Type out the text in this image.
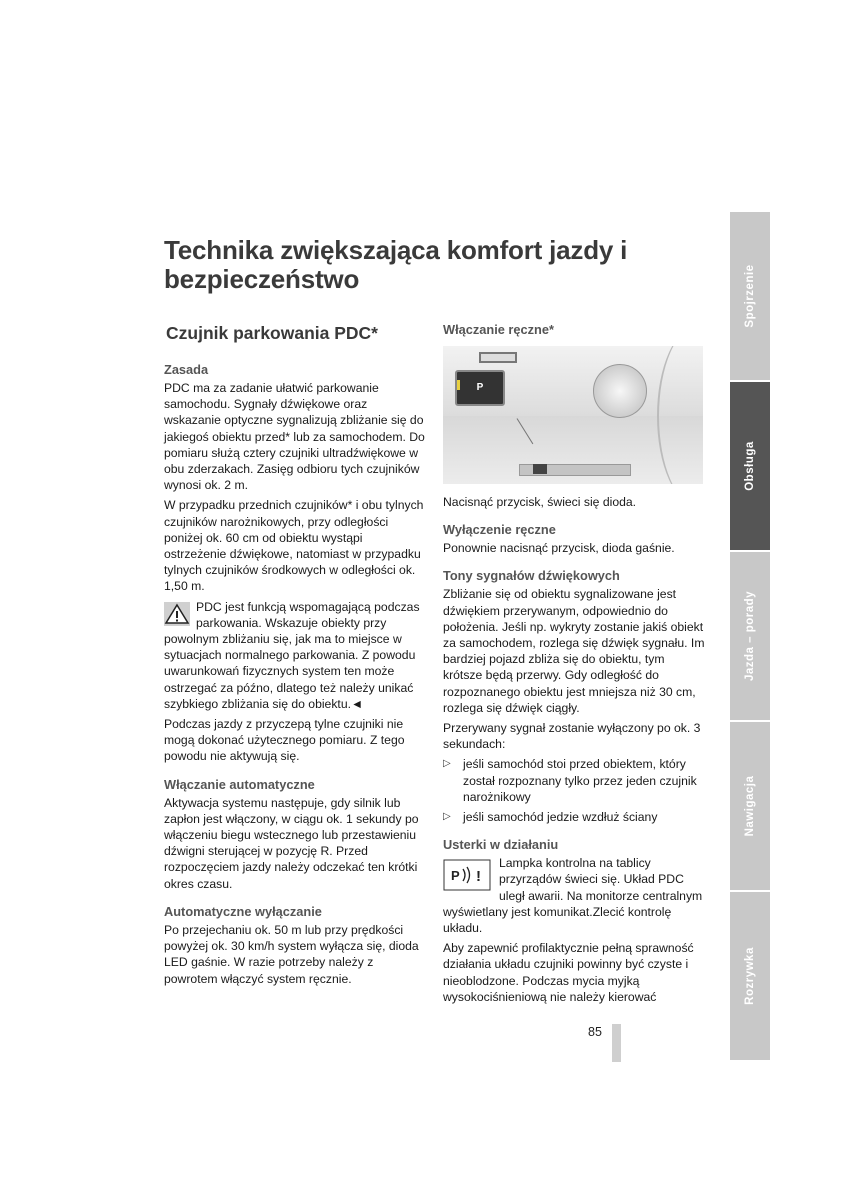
Technika zwiększająca komfort jazdy i bezpieczeństwo
Czujnik parkowania PDC*
Zasada

PDC ma za zadanie ułatwić parkowanie samochodu. Sygnały dźwiękowe oraz wskazanie optyczne sygnalizują zbliżanie się do jakiegoś obiektu przed* lub za samochodem. Do pomiaru służą cztery czujniki ultradźwiękowe w obu zderzakach. Zasięg odbioru tych czujników wynosi ok. 2 m.

W przypadku przednich czujników* i obu tylnych czujników narożnikowych, przy odległości poniżej ok. 60 cm od obiektu wystąpi ostrzeżenie dźwiękowe, natomiast w przypadku tylnych czujników środkowych w odległości ok. 1,50 m.

PDC jest funkcją wspomagającą podczas parkowania. Wskazuje obiekty przy powolnym zbliżaniu się, jak ma to miejsce w sytuacjach normalnego parkowania. Z powodu uwarunkowań fizycznych system ten może ostrzegać za późno, dlatego też należy unikać szybkiego zbliżania się do obiektu.◄

Podczas jazdy z przyczepą tylne czujniki nie mogą dokonać użytecznego pomiaru. Z tego powodu nie aktywują się.

Włączanie automatyczne

Aktywacja systemu następuje, gdy silnik lub zapłon jest włączony, w ciągu ok. 1 sekundy po włączeniu biegu wstecznego lub przestawieniu dźwigni sterującej w pozycję R. Przed rozpoczęciem jazdy należy odczekać ten krótki okres czasu.

Automatyczne wyłączanie

Po przejechaniu ok. 50 m lub przy prędkości powyżej ok. 30 km/h system wyłącza się, dioda LED gaśnie. W razie potrzeby należy z powrotem włączyć system ręcznie.

Włączanie ręczne*
P

Nacisnąć przycisk, świeci się dioda.

Wyłączenie ręczne

Ponownie nacisnąć przycisk, dioda gaśnie.

Tony sygnałów dźwiękowych

Zbliżanie się od obiektu sygnalizowane jest dźwiękiem przerywanym, odpowiednio do położenia. Jeśli np. wykryty zostanie jakiś obiekt za samochodem, rozlega się dźwięk sygnału. Im bardziej pojazd zbliża się do obiektu, tym krótsze będą przerwy. Gdy odległość do rozpoznanego obiektu jest mniejsza niż 30 cm, rozlega się dźwięk ciągły.

Przerywany sygnał zostanie wyłączony po ok. 3 sekundach:

▷ jeśli samochód stoi przed obiektem, który został rozpoznany tylko przez jeden czujnik narożnikowy
▷ jeśli samochód jedzie wzdłuż ściany
Usterki w działaniu
P !

Lampka kontrolna na tablicy przyrządów świeci się. Układ PDC uległ awarii. Na monitorze centralnym wyświetlany jest komunikat.Zlecić kontrolę układu.

Aby zapewnić profilaktycznie pełną sprawność działania układu czujniki powinny być czyste i nieoblodzone. Podczas mycia myjką wysokociśnieniową nie należy kierować

85
Spojrzenie
Obsługa
Jazda – porady
Nawigacja
Rozrywka
